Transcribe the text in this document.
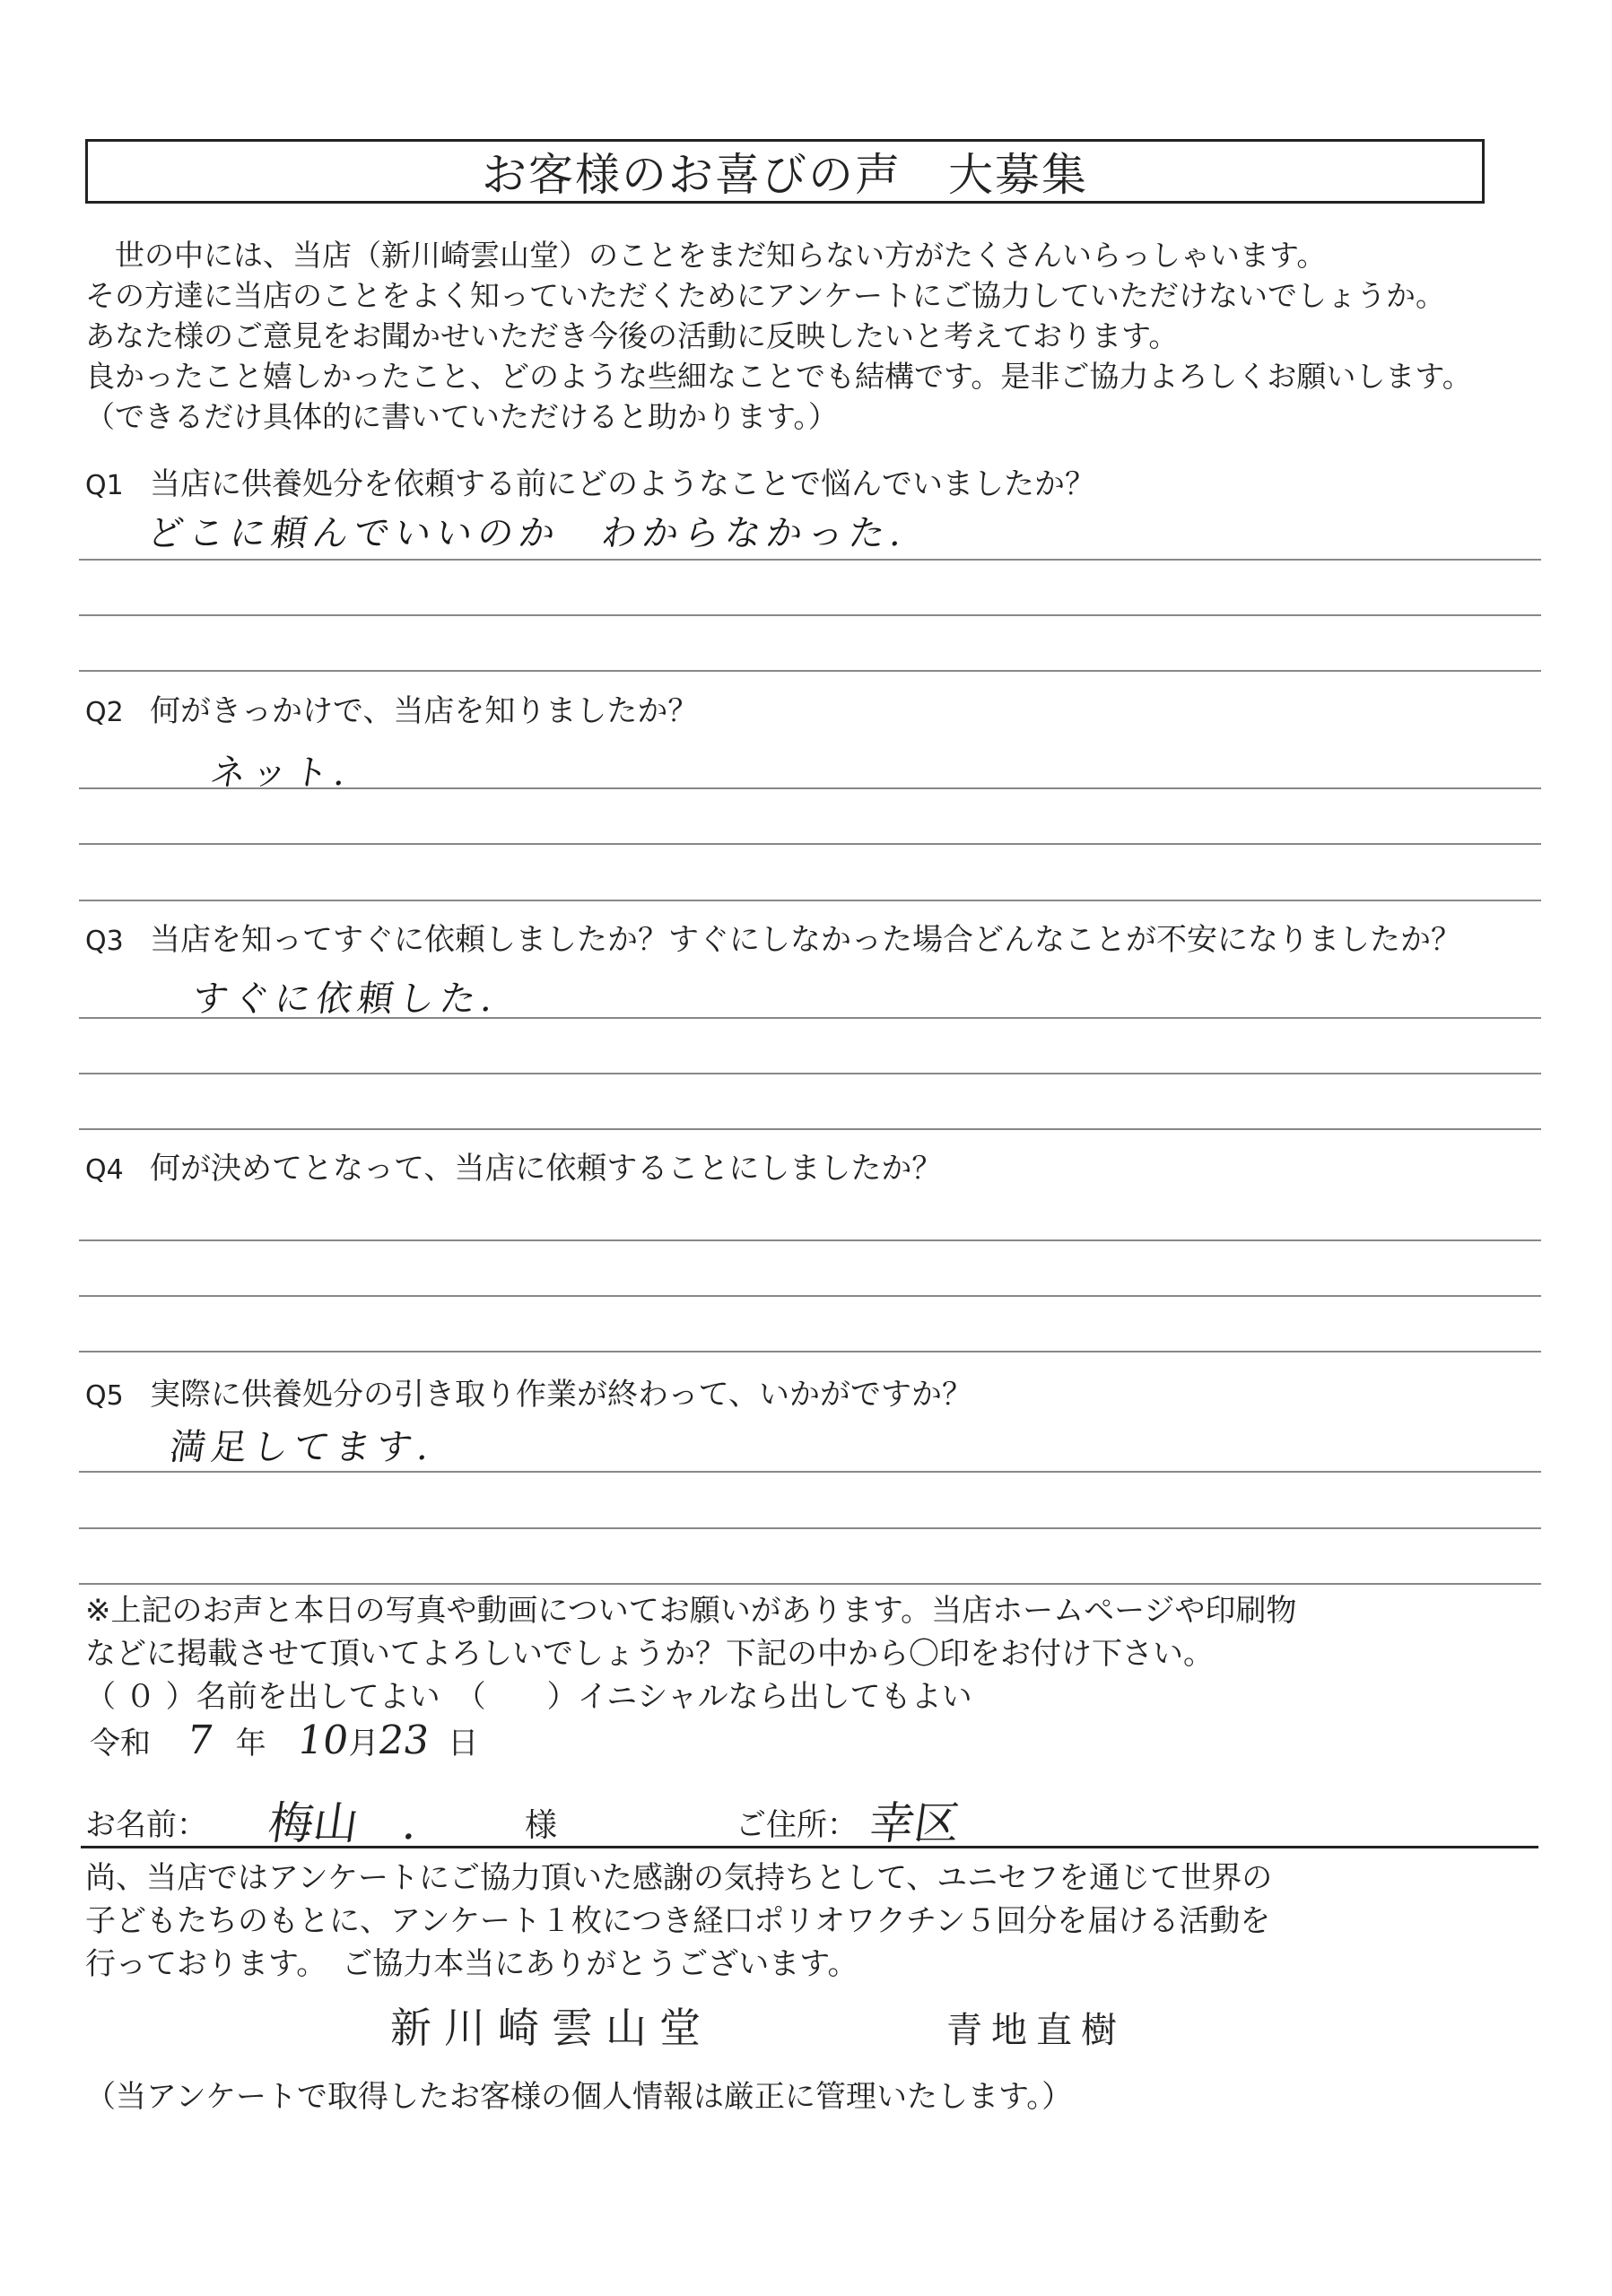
お客様のお喜びの声　大募集
　世の中には、当店（新川崎雲山堂）のことをまだ知らない方がたくさんいらっしゃいます。
その方達に当店のことをよく知っていただくためにアンケートにご協力していただけないでしょうか。
あなた様のご意見をお聞かせいただき今後の活動に反映したいと考えております。
良かったこと嬉しかったこと、どのような些細なことでも結構です。是非ご協力よろしくお願いします。
（できるだけ具体的に書いていただけると助かります。）
Q1 当店に供養処分を依頼する前にどのようなことで悩んでいましたか？
どこに頼んでいいのか　わからなかった.
Q2 何がきっかけで、当店を知りましたか？
ネット.
Q3 当店を知ってすぐに依頼しましたか？すぐにしなかった場合どんなことが不安になりましたか？
すぐに依頼した.
Q4 何が決めてとなって、当店に依頼することにしましたか？
Q5 実際に供養処分の引き取り作業が終わって、いかがですか？
満足してます.
※上記のお声と本日の写真や動画についてお願いがあります。当店ホームページや印刷物
などに掲載させて頂いてよろしいでしょうか？下記の中から〇印をお付け下さい。
（ ０ ）名前を出してよい　（　　）イニシャルなら出してもよい
令和 7 年 10月23 日
お名前： 梅山　.	様	ご住所： 幸区
尚、当店ではアンケートにご協力頂いた感謝の気持ちとして、ユニセフを通じて世界の
子どもたちのもとに、アンケート１枚につき経口ポリオワクチン５回分を届ける活動を
行っております。　ご協力本当にありがとうございます。
新川崎雲山堂	青地直樹
（当アンケートで取得したお客様の個人情報は厳正に管理いたします。）
